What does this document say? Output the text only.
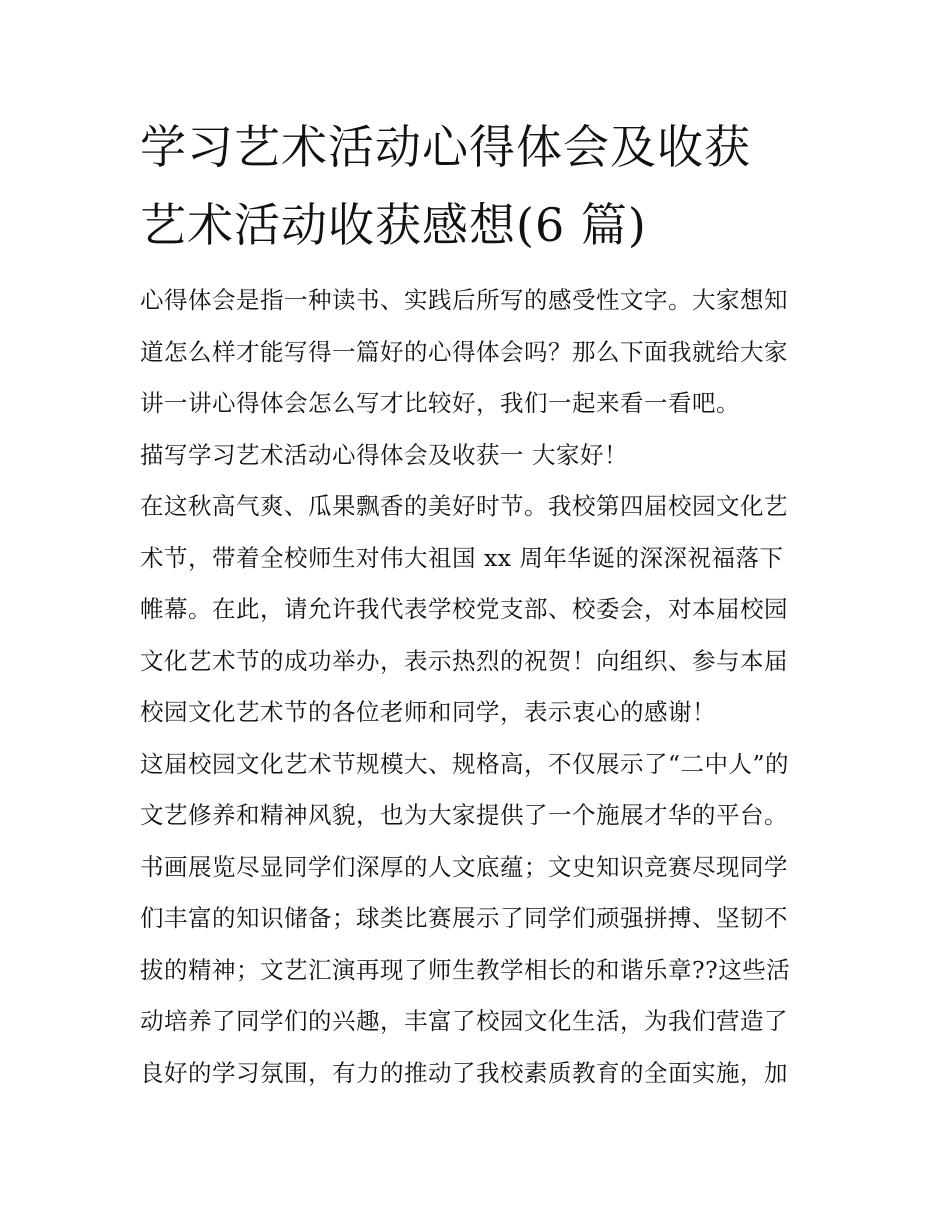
学习艺术活动心得体会及收获
艺术活动收获感想(6 篇)
心得体会是指一种读书、实践后所写的感受性文字。大家想知
道怎么样才能写得一篇好的心得体会吗？那么下面我就给大家
讲一讲心得体会怎么写才比较好，我们一起来看一看吧。
描写学习艺术活动心得体会及收获一 大家好！
在这秋高气爽、瓜果飘香的美好时节。我校第四届校园文化艺
术节，带着全校师生对伟大祖国 xx 周年华诞的深深祝福落下
帷幕。在此，请允许我代表学校党支部、校委会，对本届校园
文化艺术节的成功举办，表示热烈的祝贺！向组织、参与本届
校园文化艺术节的各位老师和同学，表示衷心的感谢！
这届校园文化艺术节规模大、规格高，不仅展示了“二中人”的
文艺修养和精神风貌，也为大家提供了一个施展才华的平台。
书画展览尽显同学们深厚的人文底蕴；文史知识竞赛尽现同学
们丰富的知识储备；球类比赛展示了同学们顽强拼搏、坚韧不
拔的精神；文艺汇演再现了师生教学相长的和谐乐章??这些活
动培养了同学们的兴趣，丰富了校园文化生活，为我们营造了
良好的学习氛围，有力的推动了我校素质教育的全面实施，加
